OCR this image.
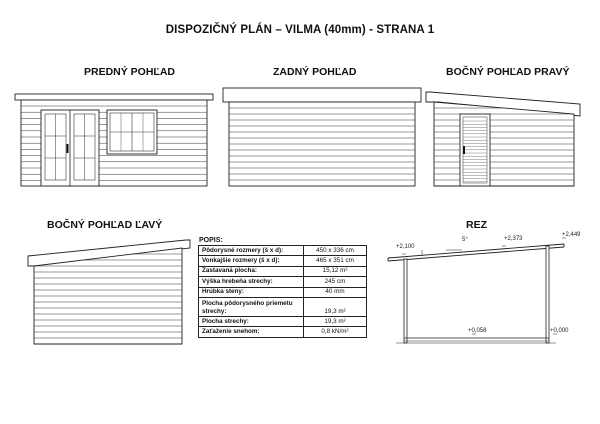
DISPOZIČNÝ PLÁN – VILMA (40mm) - STRANA 1
PREDNÝ POHĽAD	ZADNÝ POHĽAD	BOČNÝ POHĽAD PRAVÝ
BOČNÝ POHĽAD ĽAVÝ	REZ
POPIS:
Pôdorysné rozmery (š x d):	450 x 336 cm
Vonkajšie rozmery (š x d):	465 x 351 cm
Zastavaná plocha:	15,12 m²
Výška hrebeňa strechy:	245 cm
Hrúbka steny:	40 mm
Plocha pôdorysného priemetu strechy:	19,3 m²
Plocha strechy:	19,3 m²
Zaťaženie snehom:	0,8 kN/m²
5°
+2,100
+2,373
+2,449
+0,058	+0,000
